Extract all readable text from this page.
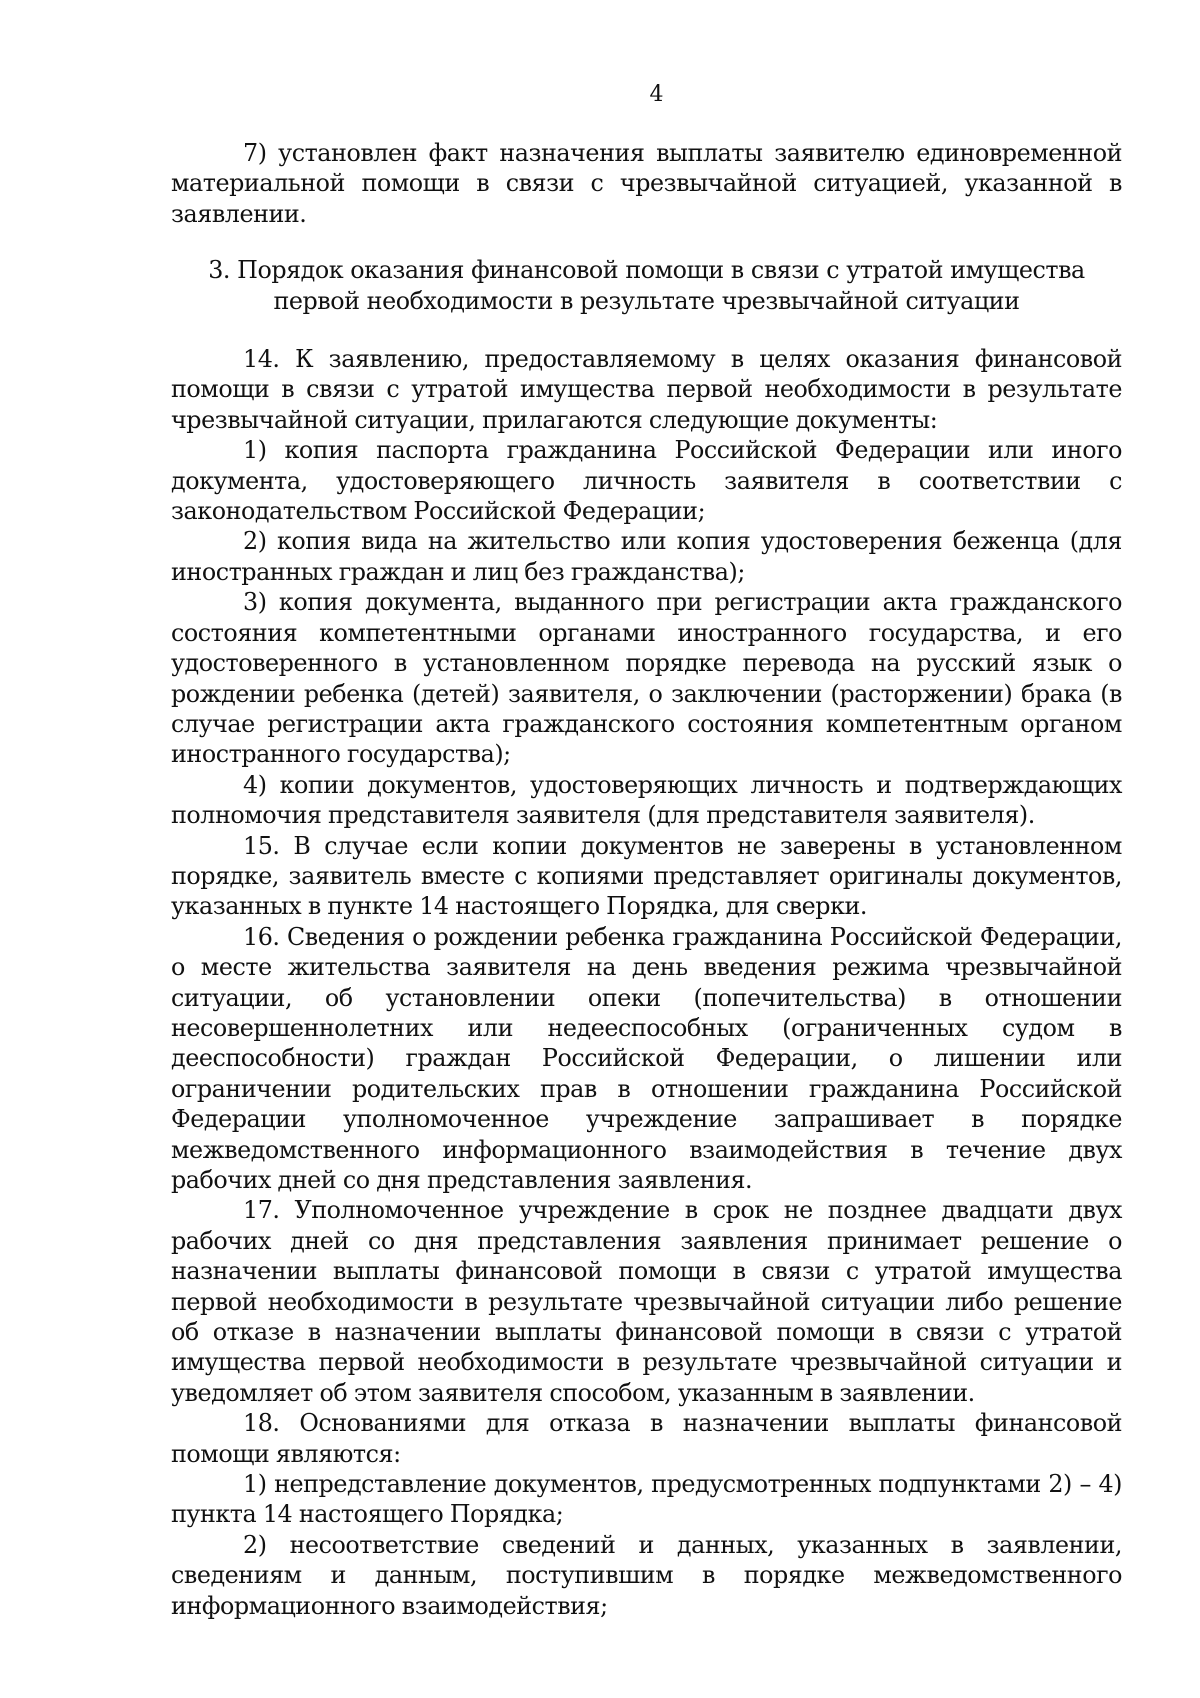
4

7) установлен факт назначения выплаты заявителю единовременной материальной помощи в связи с чрезвычайной ситуацией, указанной в заявлении.

3. Порядок оказания финансовой помощи в связи с утратой имущества
первой необходимости в результате чрезвычайной ситуации

14. К заявлению, предоставляемому в целях оказания финансовой помощи в связи с утратой имущества первой необходимости в результате чрезвычайной ситуации, прилагаются следующие документы:

1) копия паспорта гражданина Российской Федерации или иного документа, удостоверяющего личность заявителя в соответствии с законодательством Российской Федерации;

2) копия вида на жительство или копия удостоверения беженца (для иностранных граждан и лиц без гражданства);

3) копия документа, выданного при регистрации акта гражданского состояния компетентными органами иностранного государства, и его удостоверенного в установленном порядке перевода на русский язык о рождении ребенка (детей) заявителя, о заключении (расторжении) брака (в случае регистрации акта гражданского состояния компетентным органом иностранного государства);

4) копии документов, удостоверяющих личность и подтверждающих полномочия представителя заявителя (для представителя заявителя).

15. В случае если копии документов не заверены в установленном порядке, заявитель вместе с копиями представляет оригиналы документов, указанных в пункте 14 настоящего Порядка, для сверки.

16. Сведения о рождении ребенка гражданина Российской Федерации, о месте жительства заявителя на день введения режима чрезвычайной ситуации, об установлении опеки (попечительства) в отношении несовершеннолетних или недееспособных (ограниченных судом в дееспособности) граждан Российской Федерации, о лишении или ограничении родительских прав в отношении гражданина Российской Федерации уполномоченное учреждение запрашивает в порядке межведомственного информационного взаимодействия в течение двух рабочих дней со дня представления заявления.

17. Уполномоченное учреждение в срок не позднее двадцати двух рабочих дней со дня представления заявления принимает решение о назначении выплаты финансовой помощи в связи с утратой имущества первой необходимости в результате чрезвычайной ситуации либо решение об отказе в назначении выплаты финансовой помощи в связи с утратой имущества первой необходимости в результате чрезвычайной ситуации и уведомляет об этом заявителя способом, указанным в заявлении.

18. Основаниями для отказа в назначении выплаты финансовой помощи являются:

1) непредставление документов, предусмотренных подпунктами 2) – 4) пункта 14 настоящего Порядка;

2) несоответствие сведений и данных, указанных в заявлении, сведениям и данным, поступившим в порядке межведомственного информационного взаимодействия;
